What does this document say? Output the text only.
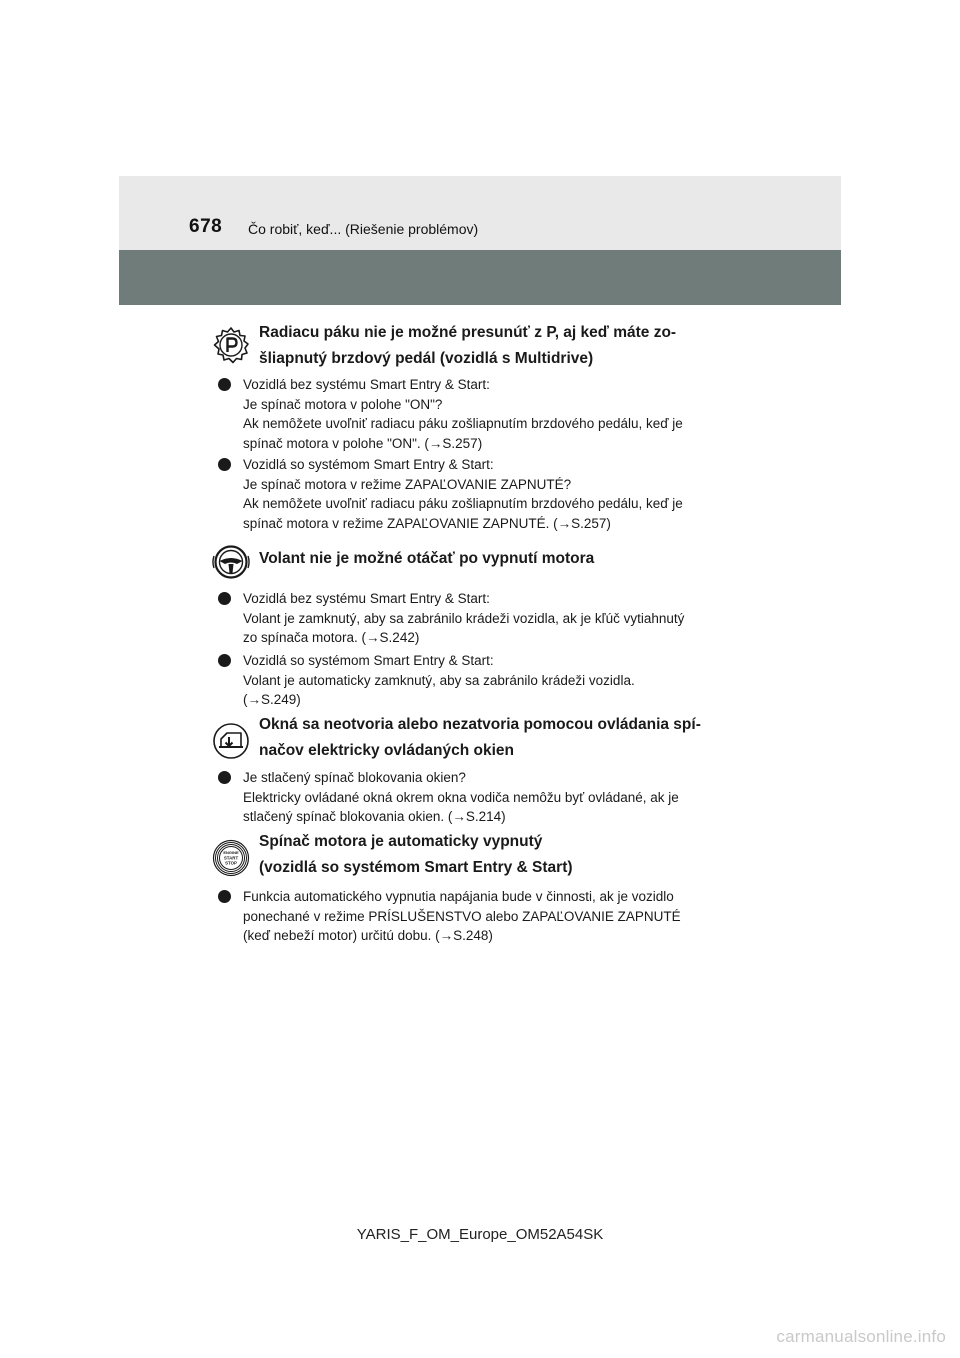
678 Čo robiť, keď... (Riešenie problémov)
Radiacu páku nie je možné presunúť z P, aj keď máte zo-
šliapnutý brzdový pedál (vozidlá s Multidrive)
Vozidlá bez systému Smart Entry & Start:
Je spínač motora v polohe "ON"?
Ak nemôžete uvoľniť radiacu páku zošliapnutím brzdového pedálu, keď je
spínač motora v polohe "ON". (→S.257)
Vozidlá so systémom Smart Entry & Start:
Je spínač motora v režime ZAPAĽOVANIE ZAPNUTÉ?
Ak nemôžete uvoľniť radiacu páku zošliapnutím brzdového pedálu, keď je
spínač motora v režime ZAPAĽOVANIE ZAPNUTÉ. (→S.257)
Volant nie je možné otáčať po vypnutí motora
Vozidlá bez systému Smart Entry & Start:
Volant je zamknutý, aby sa zabránilo krádeži vozidla, ak je kľúč vytiahnutý
zo spínača motora. (→S.242)
Vozidlá so systémom Smart Entry & Start:
Volant je automaticky zamknutý, aby sa zabránilo krádeži vozidla.
(→S.249)
Okná sa neotvoria alebo nezatvoria pomocou ovládania spí-
načov elektricky ovládaných okien
Je stlačený spínač blokovania okien?
Elektricky ovládané okná okrem okna vodiča nemôžu byť ovládané, ak je
stlačený spínač blokovania okien. (→S.214)
ENGINE
START
STOP
Spínač motora je automaticky vypnutý
(vozidlá so systémom Smart Entry & Start)
Funkcia automatického vypnutia napájania bude v činnosti, ak je vozidlo
ponechané v režime PRÍSLUŠENSTVO alebo ZAPAĽOVANIE ZAPNUTÉ
(keď nebeží motor) určitú dobu. (→S.248)
YARIS_F_OM_Europe_OM52A54SK
carmanualsonline.info
